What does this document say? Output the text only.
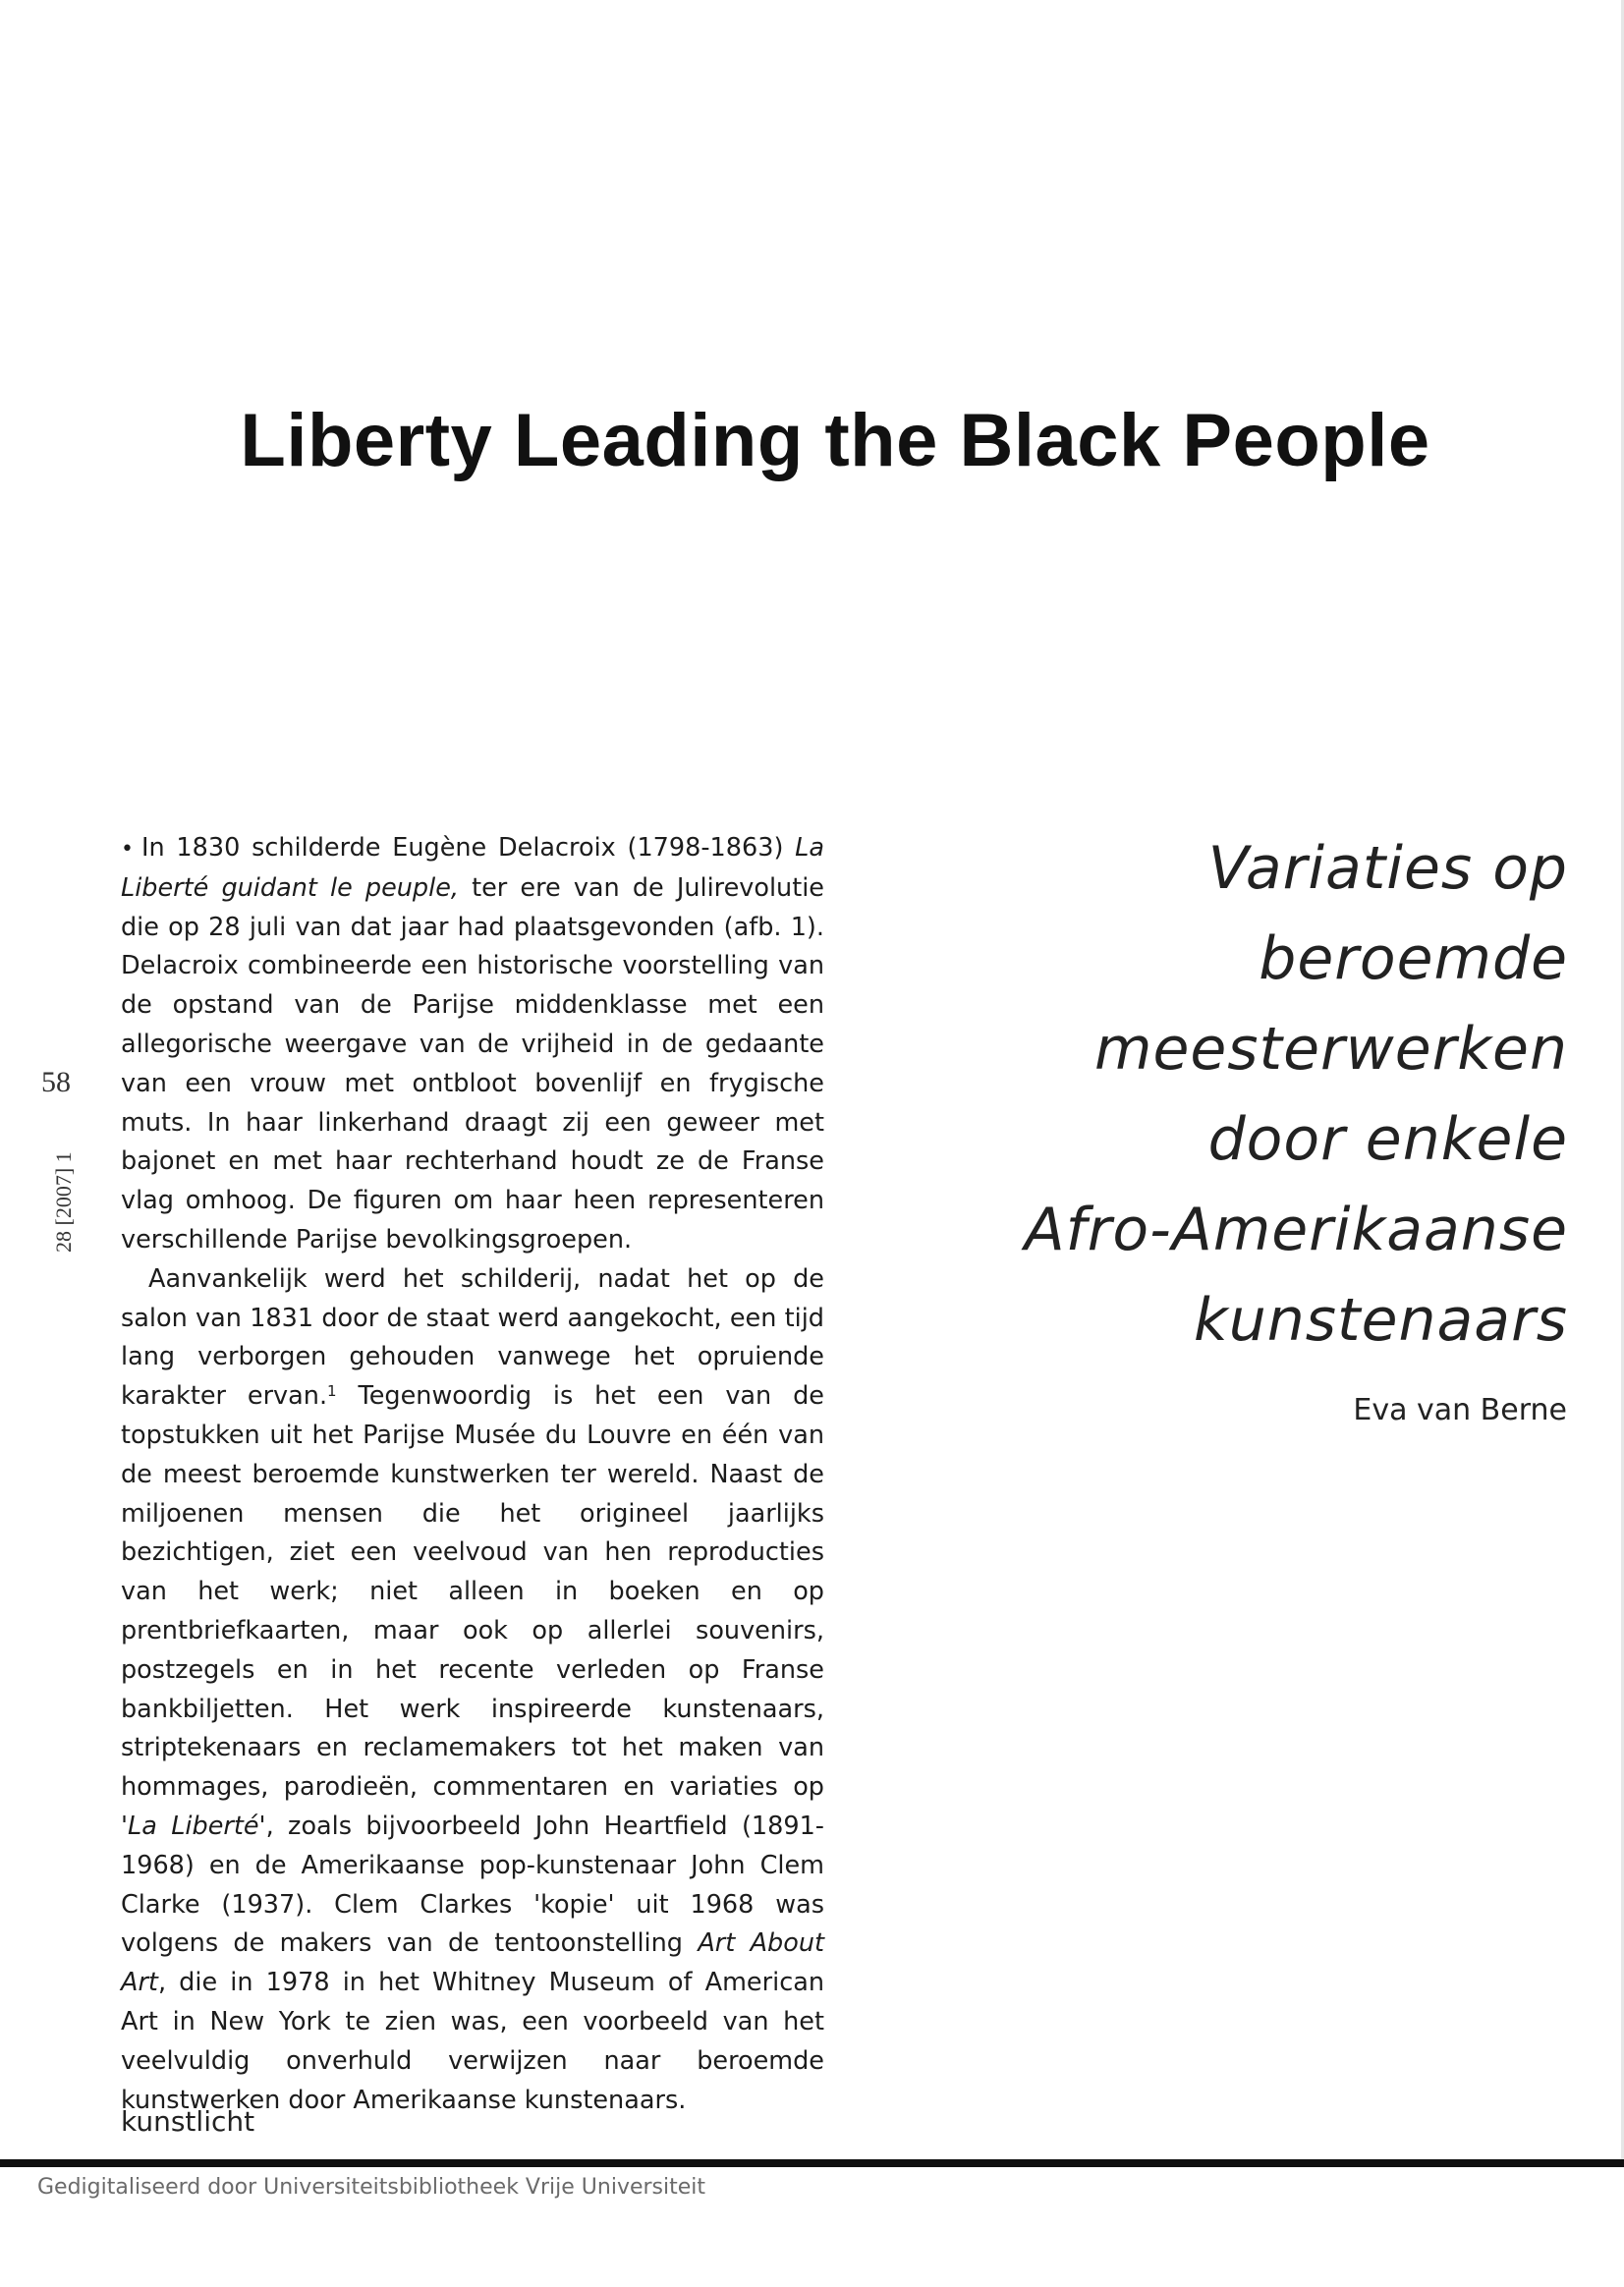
Liberty Leading the Black People
58
28 [2007] 1

• In 1830 schilderde Eugène Delacroix (1798-1863) La Liberté guidant le peuple, ter ere van de Julirevolutie die op 28 juli van dat jaar had plaatsgevonden (afb. 1). Delacroix combineerde een historische voorstelling van de opstand van de Parijse middenklasse met een allegorische weergave van de vrijheid in de gedaante van een vrouw met ontbloot bovenlijf en frygische muts. In haar linkerhand draagt zij een geweer met bajonet en met haar rechterhand houdt ze de Franse vlag omhoog. De figuren om haar heen representeren verschillende Parijse bevolkingsgroepen.

Aanvankelijk werd het schilderij, nadat het op de salon van 1831 door de staat werd aangekocht, een tijd lang verborgen gehouden vanwege het opruiende karakter ervan.$^1$ Tegenwoordig is het een van de topstukken uit het Parijse Musée du Louvre en één van de meest beroemde kunstwerken ter wereld. Naast de miljoenen mensen die het origineel jaarlijks bezichtigen, ziet een veelvoud van hen reproducties van het werk; niet alleen in boeken en op prentbriefkaarten, maar ook op allerlei souvenirs, postzegels en in het recente verleden op Franse bankbiljetten. Het werk inspireerde kunstenaars, striptekenaars en reclamemakers tot het maken van hommages, parodieën, commentaren en variaties op 'La Liberté', zoals bijvoorbeeld John Heartfield (1891-1968) en de Amerikaanse pop-kunstenaar John Clem Clarke (1937). Clem Clarkes 'kopie' uit 1968 was volgens de makers van de tentoonstelling Art About Art, die in 1978 in het Whitney Museum of American Art in New York te zien was, een voorbeeld van het veelvuldig onverhuld verwijzen naar beroemde kunstwerken door Amerikaanse kunstenaars.

Variaties op
beroemde
meesterwerken
door enkele
Afro-Amerikaanse
kunstenaars
Eva van Berne
kunstlicht
Gedigitaliseerd door Universiteitsbibliotheek Vrije Universiteit
